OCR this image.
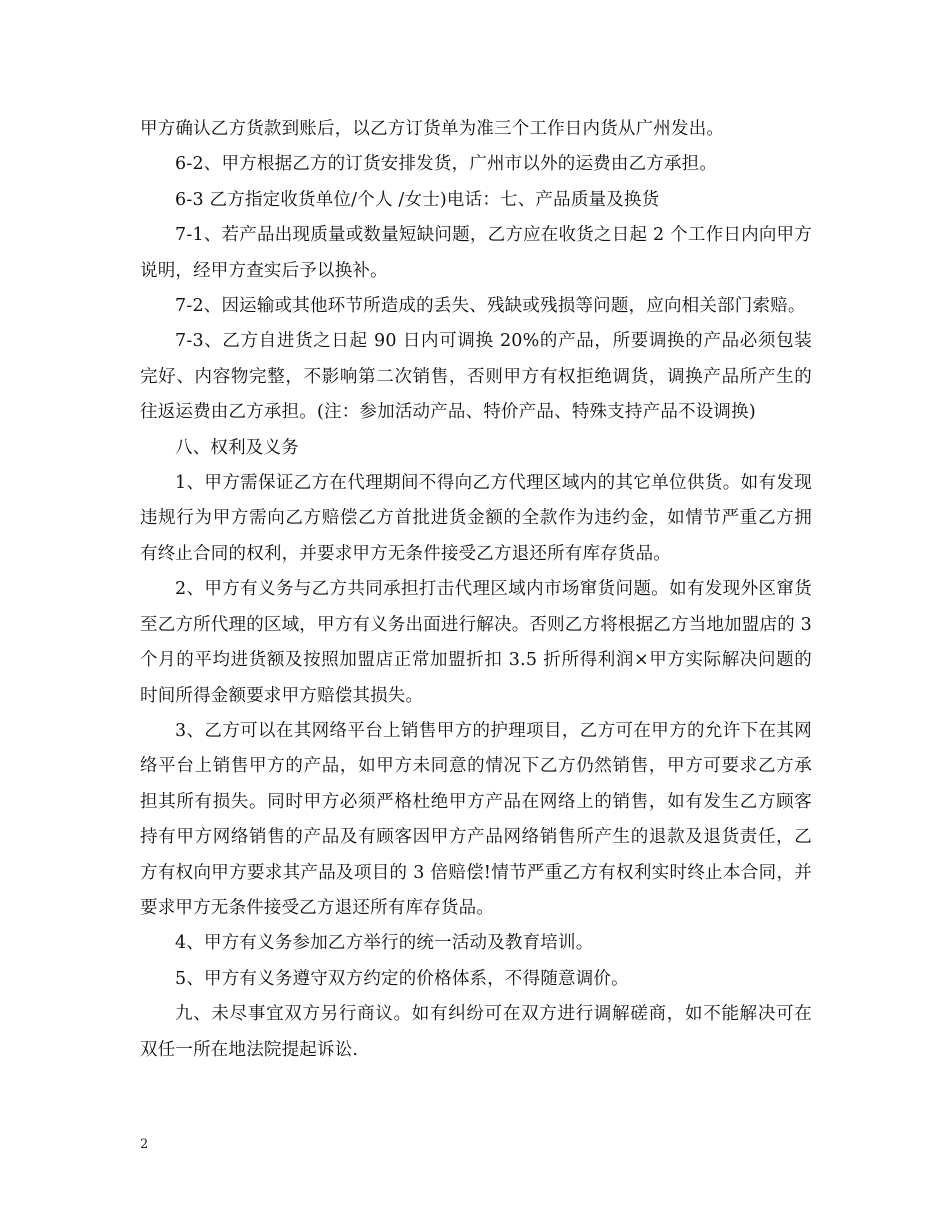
甲方确认乙方货款到账后，以乙方订货单为准三个工作日内货从广州发出。

6-2、甲方根据乙方的订货安排发货，广州市以外的运费由乙方承担。

6-3 乙方指定收货单位/个人 /女士)电话：七、产品质量及换货

7-1、若产品出现质量或数量短缺问题，乙方应在收货之日起 2 个工作日内向甲方说明，经甲方查实后予以换补。

7-2、因运输或其他环节所造成的丢失、残缺或残损等问题，应向相关部门索赔。

7-3、乙方自进货之日起 90 日内可调换 20%的产品，所要调换的产品必须包装完好、内容物完整，不影响第二次销售，否则甲方有权拒绝调货，调换产品所产生的往返运费由乙方承担。(注：参加活动产品、特价产品、特殊支持产品不设调换)

八、权利及义务

1、甲方需保证乙方在代理期间不得向乙方代理区域内的其它单位供货。如有发现违规行为甲方需向乙方赔偿乙方首批进货金额的全款作为违约金，如情节严重乙方拥有终止合同的权利，并要求甲方无条件接受乙方退还所有库存货品。

2、甲方有义务与乙方共同承担打击代理区域内市场窜货问题。如有发现外区窜货至乙方所代理的区域，甲方有义务出面进行解决。否则乙方将根据乙方当地加盟店的 3 个月的平均进货额及按照加盟店正常加盟折扣 3.5 折所得利润×甲方实际解决问题的时间所得金额要求甲方赔偿其损失。

3、乙方可以在其网络平台上销售甲方的护理项目，乙方可在甲方的允许下在其网络平台上销售甲方的产品，如甲方未同意的情况下乙方仍然销售，甲方可要求乙方承担其所有损失。同时甲方必须严格杜绝甲方产品在网络上的销售，如有发生乙方顾客持有甲方网络销售的产品及有顾客因甲方产品网络销售所产生的退款及退货责任，乙方有权向甲方要求其产品及项目的 3 倍赔偿!情节严重乙方有权利实时终止本合同，并要求甲方无条件接受乙方退还所有库存货品。

4、甲方有义务参加乙方举行的统一活动及教育培训。

5、甲方有义务遵守双方约定的价格体系，不得随意调价。

九、未尽事宜双方另行商议。如有纠纷可在双方进行调解磋商，如不能解决可在双任一所在地法院提起诉讼.

2
